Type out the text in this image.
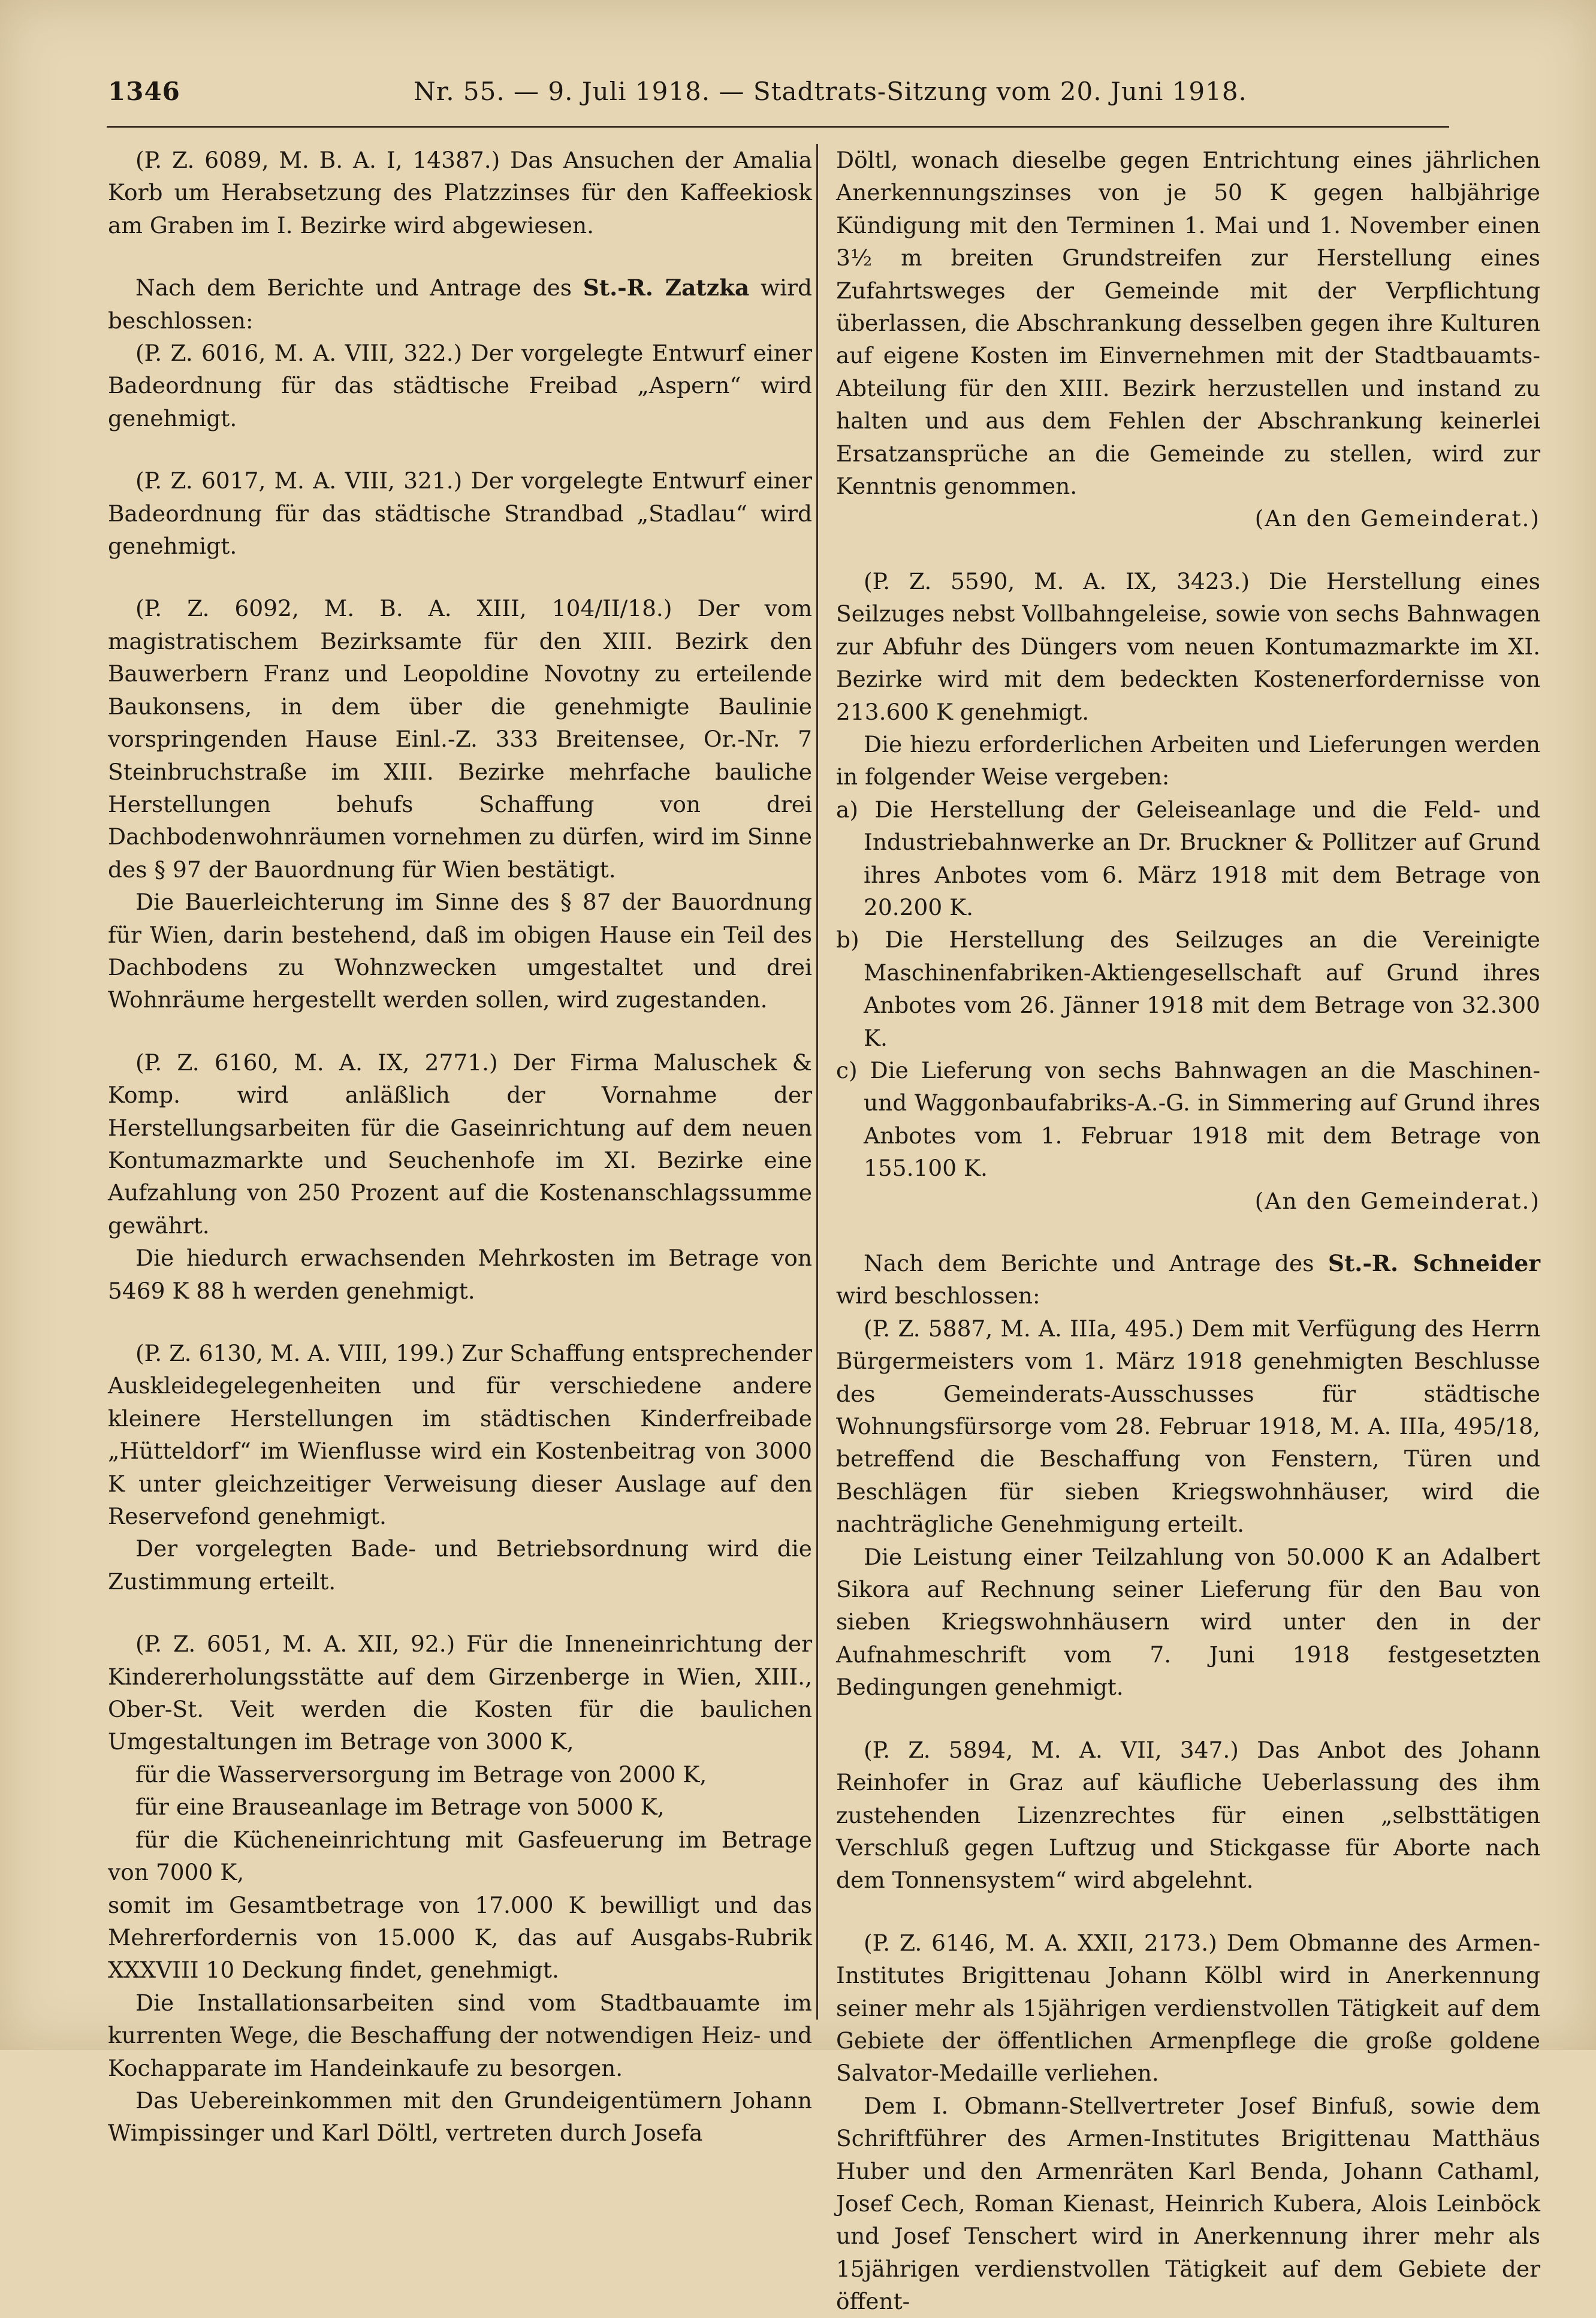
1346	Nr. 55. — 9. Juli 1918. — Stadtrats-Sitzung vom 20. Juni 1918.

(P. Z. 6089, M. B. A. I, 14387.) Das Ansuchen der Amalia Korb um Herabsetzung des Platzzinses für den Kaffeekiosk am Graben im I. Bezirke wird abgewiesen.

Nach dem Berichte und Antrage des St.-R. Zatzka wird beschlossen:

(P. Z. 6016, M. A. VIII, 322.) Der vorgelegte Entwurf einer Badeordnung für das städtische Freibad „Aspern“ wird genehmigt.

(P. Z. 6017, M. A. VIII, 321.) Der vorgelegte Entwurf einer Badeordnung für das städtische Strandbad „Stadlau“ wird genehmigt.

(P. Z. 6092, M. B. A. XIII, 104/II/18.) Der vom magistratischem Bezirksamte für den XIII. Bezirk den Bauwerbern Franz und Leopoldine Novotny zu erteilende Baukonsens, in dem über die genehmigte Baulinie vorspringenden Hause Einl.-Z. 333 Breitensee, Or.-Nr. 7 Steinbruchstraße im XIII. Bezirke mehrfache bauliche Herstellungen behufs Schaffung von drei Dachbodenwohnräumen vornehmen zu dürfen, wird im Sinne des § 97 der Bauordnung für Wien bestätigt.

Die Bauerleichterung im Sinne des § 87 der Bauordnung für Wien, darin bestehend, daß im obigen Hause ein Teil des Dachbodens zu Wohnzwecken umgestaltet und drei Wohnräume hergestellt werden sollen, wird zugestanden.

(P. Z. 6160, M. A. IX, 2771.) Der Firma Maluschek & Komp. wird anläßlich der Vornahme der Herstellungsarbeiten für die Gaseinrichtung auf dem neuen Kontumazmarkte und Seuchenhofe im XI. Bezirke eine Aufzahlung von 250 Prozent auf die Kostenanschlagssumme gewährt.

Die hiedurch erwachsenden Mehrkosten im Betrage von 5469 K 88 h werden genehmigt.

(P. Z. 6130, M. A. VIII, 199.) Zur Schaffung entsprechender Auskleidegelegenheiten und für verschiedene andere kleinere Herstellungen im städtischen Kinderfreibade „Hütteldorf“ im Wienflusse wird ein Kostenbeitrag von 3000 K unter gleichzeitiger Verweisung dieser Auslage auf den Reservefond genehmigt.

Der vorgelegten Bade- und Betriebsordnung wird die Zustimmung erteilt.

(P. Z. 6051, M. A. XII, 92.) Für die Inneneinrichtung der Kindererholungsstätte auf dem Girzenberge in Wien, XIII., Ober-St. Veit werden die Kosten für die baulichen Umgestaltungen im Betrage von 3000 K,

für die Wasserversorgung im Betrage von 2000 K,

für eine Brauseanlage im Betrage von 5000 K,

für die Kücheneinrichtung mit Gasfeuerung im Betrage von 7000 K,

somit im Gesamtbetrage von 17.000 K bewilligt und das Mehrerfordernis von 15.000 K, das auf Ausgabs-Rubrik XXXVIII 10 Deckung findet, genehmigt.

Die Installationsarbeiten sind vom Stadtbauamte im kurrenten Wege, die Beschaffung der notwendigen Heiz- und Kochapparate im Handeinkaufe zu besorgen.

Das Uebereinkommen mit den Grundeigentümern Johann Wimpissinger und Karl Döltl, vertreten durch Josefa

Döltl, wonach dieselbe gegen Entrichtung eines jährlichen Anerkennungszinses von je 50 K gegen halbjährige Kündigung mit den Terminen 1. Mai und 1. November einen 3½ m breiten Grundstreifen zur Herstellung eines Zufahrtsweges der Gemeinde mit der Verpflichtung überlassen, die Abschrankung desselben gegen ihre Kulturen auf eigene Kosten im Einvernehmen mit der Stadtbauamts-Abteilung für den XIII. Bezirk herzustellen und instand zu halten und aus dem Fehlen der Abschrankung keinerlei Ersatzansprüche an die Gemeinde zu stellen, wird zur Kenntnis genommen.

(An den Gemeinderat.)

(P. Z. 5590, M. A. IX, 3423.) Die Herstellung eines Seilzuges nebst Vollbahngeleise, sowie von sechs Bahnwagen zur Abfuhr des Düngers vom neuen Kontumazmarkte im XI. Bezirke wird mit dem bedeckten Kostenerfordernisse von 213.600 K genehmigt.

Die hiezu erforderlichen Arbeiten und Lieferungen werden in folgender Weise vergeben:

a) Die Herstellung der Geleiseanlage und die Feld- und Industriebahnwerke an Dr. Bruckner & Pollitzer auf Grund ihres Anbotes vom 6. März 1918 mit dem Betrage von 20.200 K.

b) Die Herstellung des Seilzuges an die Vereinigte Maschinenfabriken-Aktiengesellschaft auf Grund ihres Anbotes vom 26. Jänner 1918 mit dem Betrage von 32.300 K.

c) Die Lieferung von sechs Bahnwagen an die Maschinen- und Waggonbaufabriks-A.-G. in Simmering auf Grund ihres Anbotes vom 1. Februar 1918 mit dem Betrage von 155.100 K.

(An den Gemeinderat.)

Nach dem Berichte und Antrage des St.-R. Schneider wird beschlossen:

(P. Z. 5887, M. A. IIIa, 495.) Dem mit Verfügung des Herrn Bürgermeisters vom 1. März 1918 genehmigten Beschlusse des Gemeinderats-Ausschusses für städtische Wohnungsfürsorge vom 28. Februar 1918, M. A. IIIa, 495/18, betreffend die Beschaffung von Fenstern, Türen und Beschlägen für sieben Kriegswohnhäuser, wird die nachträgliche Genehmigung erteilt.

Die Leistung einer Teilzahlung von 50.000 K an Adalbert Sikora auf Rechnung seiner Lieferung für den Bau von sieben Kriegswohnhäusern wird unter den in der Aufnahmeschrift vom 7. Juni 1918 festgesetzten Bedingungen genehmigt.

(P. Z. 5894, M. A. VII, 347.) Das Anbot des Johann Reinhofer in Graz auf käufliche Ueberlassung des ihm zustehenden Lizenzrechtes für einen „selbsttätigen Verschluß gegen Luftzug und Stickgasse für Aborte nach dem Tonnensystem“ wird abgelehnt.

(P. Z. 6146, M. A. XXII, 2173.) Dem Obmanne des Armen-Institutes Brigittenau Johann Kölbl wird in Anerkennung seiner mehr als 15jährigen verdienstvollen Tätigkeit auf dem Gebiete der öffentlichen Armenpflege die große goldene Salvator-Medaille verliehen.

Dem I. Obmann-Stellvertreter Josef Binfuß, sowie dem Schriftführer des Armen-Institutes Brigittenau Matthäus Huber und den Armenräten Karl Benda, Johann Cathaml, Josef Cech, Roman Kienast, Heinrich Kubera, Alois Leinböck und Josef Tenschert wird in Anerkennung ihrer mehr als 15jährigen verdienstvollen Tätigkeit auf dem Gebiete der öffent-
